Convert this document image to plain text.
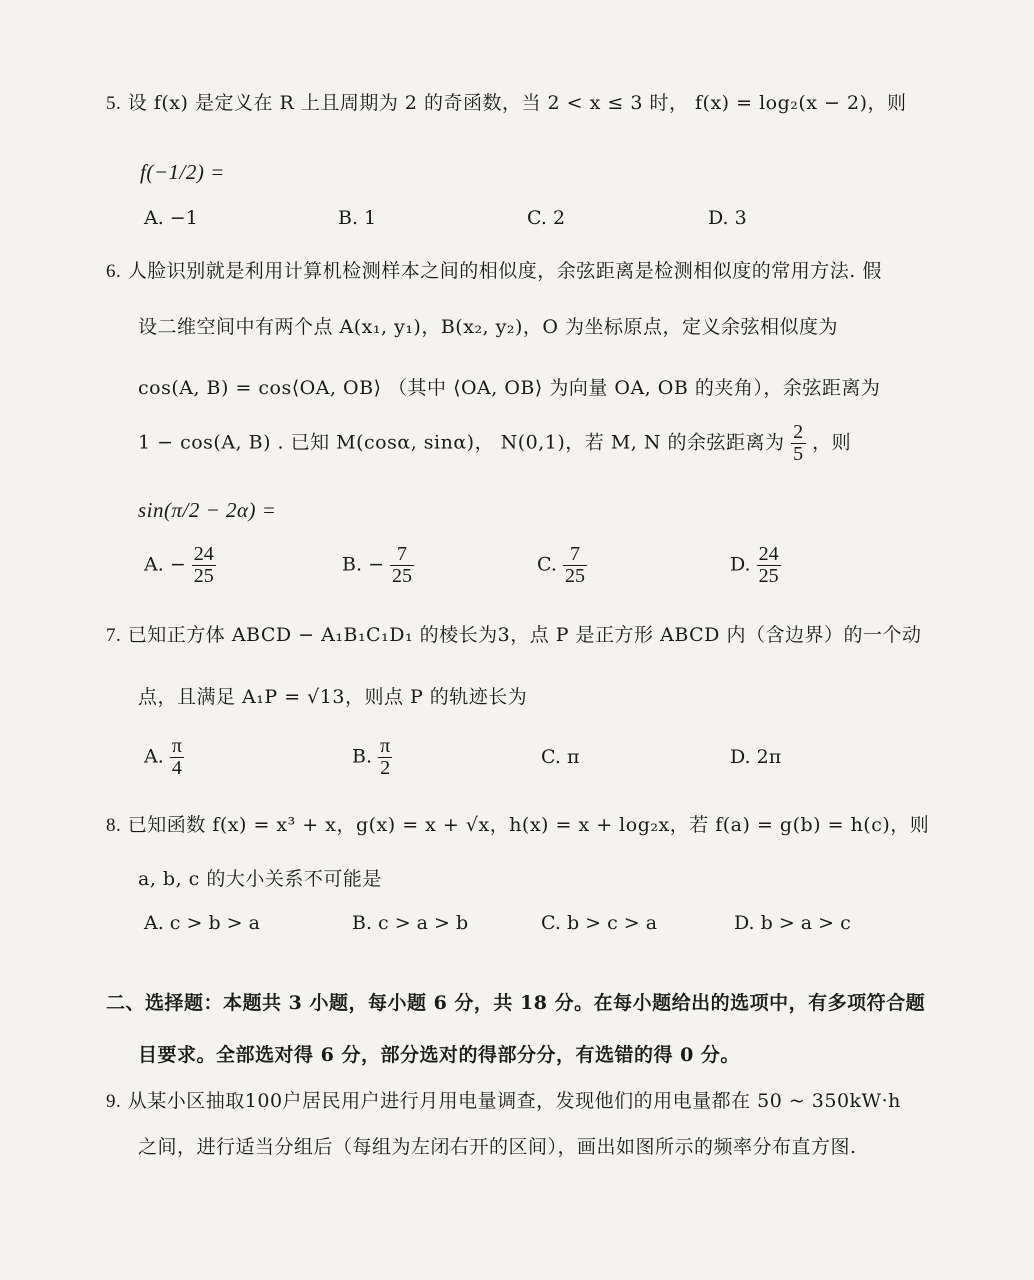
5. 设 f(x) 是定义在 R 上且周期为 2 的奇函数，当 2 < x ≤ 3 时， f(x) = log₂(x − 2)，则
f(−1/2) =
A. −1	B. 1	C. 2	D. 3
6. 人脸识别就是利用计算机检测样本之间的相似度，余弦距离是检测相似度的常用方法. 假
设二维空间中有两个点 A(x₁, y₁)，B(x₂, y₂)，O 为坐标原点，定义余弦相似度为
cos(A, B) = cos⟨OA, OB⟩ （其中 ⟨OA, OB⟩ 为向量 OA, OB 的夹角），余弦距离为
1 − cos(A, B) . 已知 M(cosα, sinα)， N(0,1)，若 M, N 的余弦距离为 $\frac{2}{5}$ ，则
sin(π/2 − 2α) =
A. − $\frac{24}{25}$	B. − $\frac{7}{25}$	C. $\frac{7}{25}$	D. $\frac{24}{25}$
7. 已知正方体 ABCD − A₁B₁C₁D₁ 的棱长为3，点 P 是正方形 ABCD 内（含边界）的一个动
点，且满足 A₁P = √13，则点 P 的轨迹长为
A. $\frac{\pi}{4}$	B. $\frac{\pi}{2}$	C. π	D. 2π
8. 已知函数 f(x) = x³ + x，g(x) = x + √x，h(x) = x + log₂x，若 f(a) = g(b) = h(c)，则
a, b, c 的大小关系不可能是
A. c > b > a	B. c > a > b	C. b > c > a	D. b > a > c
二、选择题：本题共 3 小题，每小题 6 分，共 18 分。在每小题给出的选项中，有多项符合题
目要求。全部选对得 6 分，部分选对的得部分分，有选错的得 0 分。
9. 从某小区抽取100户居民用户进行月用电量调查，发现他们的用电量都在 50 ~ 350kW·h
之间，进行适当分组后（每组为左闭右开的区间），画出如图所示的频率分布直方图.
